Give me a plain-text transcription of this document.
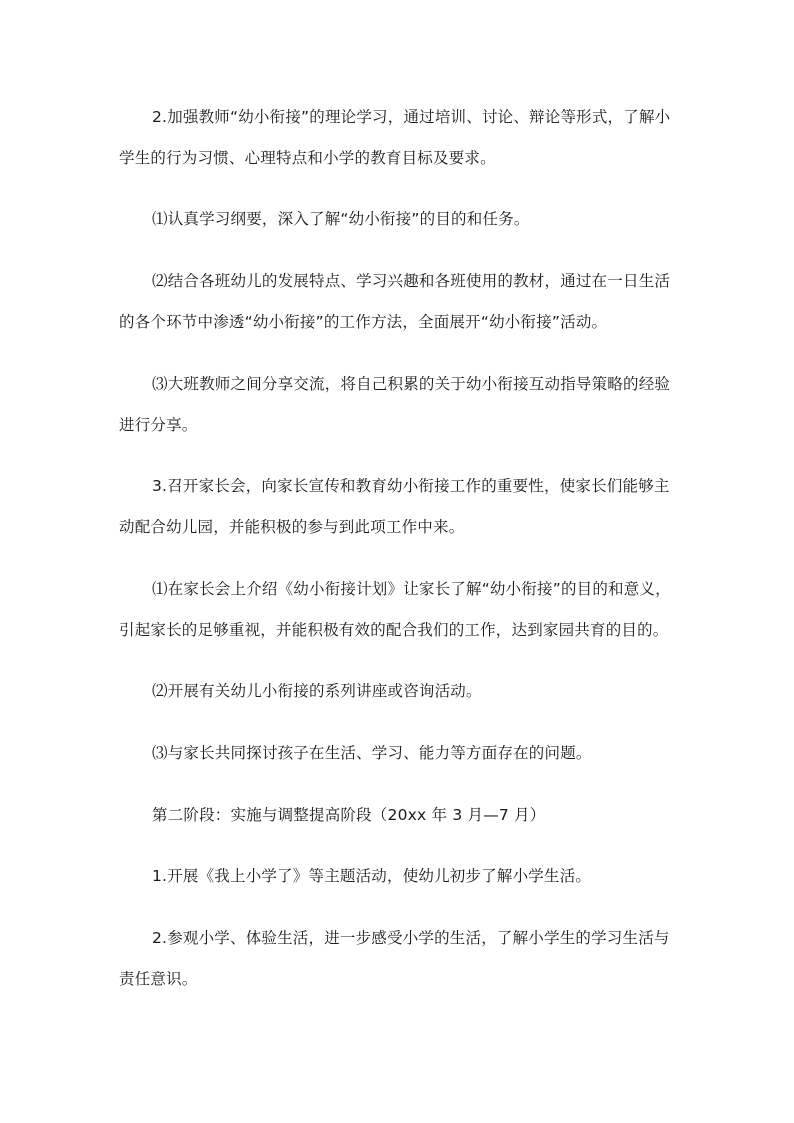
2.加强教师“幼小衔接”的理论学习，通过培训、讨论、辩论等形式，了解小学生的行为习惯、心理特点和小学的教育目标及要求。

⑴认真学习纲要，深入了解“幼小衔接”的目的和任务。

⑵结合各班幼儿的发展特点、学习兴趣和各班使用的教材，通过在一日生活的各个环节中渗透“幼小衔接”的工作方法，全面展开“幼小衔接”活动。

⑶大班教师之间分享交流，将自己积累的关于幼小衔接互动指导策略的经验进行分享。

3.召开家长会，向家长宣传和教育幼小衔接工作的重要性，使家长们能够主动配合幼儿园，并能积极的参与到此项工作中来。

⑴在家长会上介绍《幼小衔接计划》让家长了解“幼小衔接”的目的和意义，引起家长的足够重视，并能积极有效的配合我们的工作，达到家园共育的目的。

⑵开展有关幼儿小衔接的系列讲座或咨询活动。

⑶与家长共同探讨孩子在生活、学习、能力等方面存在的问题。

第二阶段：实施与调整提高阶段（20xx 年 3 月—7 月）

1.开展《我上小学了》等主题活动，使幼儿初步了解小学生活。

2.参观小学、体验生活，进一步感受小学的生活，了解小学生的学习生活与责任意识。
